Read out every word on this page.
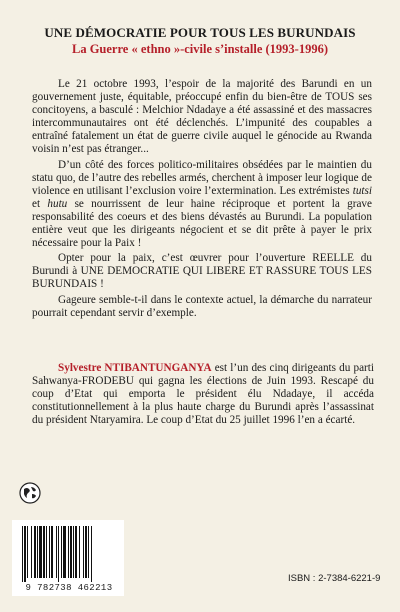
UNE DÉMOCRATIE POUR TOUS LES BURUNDAIS
La Guerre « ethno »-civile s’installe (1993-1996)

Le 21 octobre 1993, l’espoir de la majorité des Barundi en un gouvernement juste, équitable, préoccupé enfin du bien-être de TOUS ses concitoyens, a basculé : Melchior Ndadaye a été assassiné et des massacres intercommunautaires ont été déclenchés. L’impunité des coupables a entraîné fatalement un état de guerre civile auquel le génocide au Rwanda voisin n’est pas étranger...

D’un côté des forces politico-militaires obsédées par le maintien du statu quo, de l’autre des rebelles armés, cherchent à imposer leur logique de violence en utilisant l’exclusion voire l’extermination. Les extrémistes tutsi et hutu se nourrissent de leur haine réciproque et portent la grave responsabilité des coeurs et des biens dévastés au Burundi. La population entière veut que les dirigeants négocient et se dit prête à payer le prix nécessaire pour la Paix !

Opter pour la paix, c’est œuvrer pour l’ouverture REELLE du Burundi à UNE DEMOCRATIE QUI LIBERE ET RASSURE TOUS LES BURUNDAIS !

Gageure semble-t-il dans le contexte actuel, la démarche du narrateur pourrait cependant servir d’exemple.

Sylvestre NTIBANTUNGANYA est l’un des cinq dirigeants du parti Sahwanya-FRODEBU qui gagna les élections de Juin 1993. Rescapé du coup d’Etat qui emporta le président élu Ndadaye, il accéda constitutionnellement à la plus haute charge du Burundi après l’assassinat du président Ntaryamira. Le coup d’Etat du 25 juillet 1996 l’en a écarté.

9 782738 462213
ISBN : 2-7384-6221-9
